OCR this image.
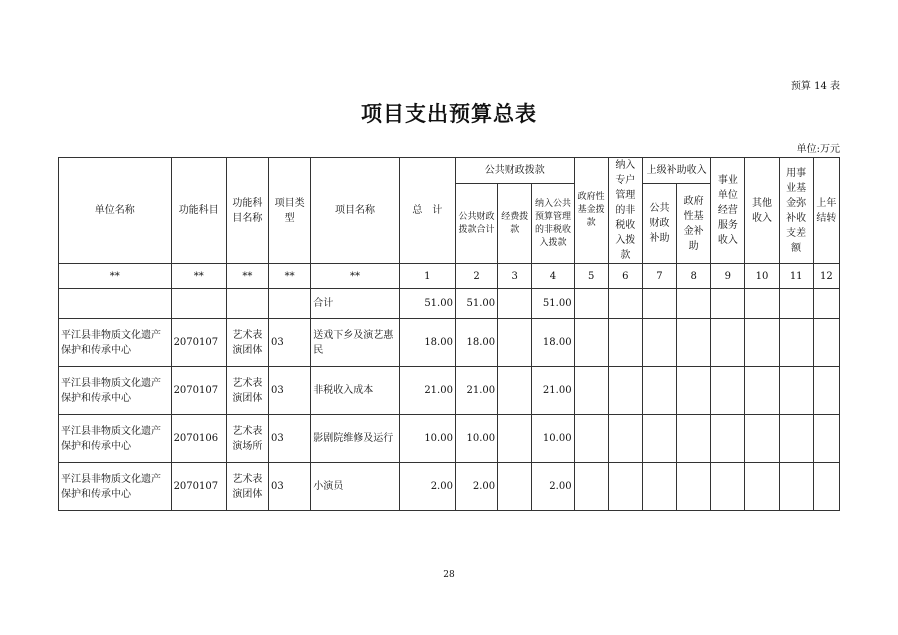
预算 14 表
项目支出预算总表
单位:万元
单位名称	功能科目	功能科目名称	项目类型	项目名称	总　计	公共财政拨款			政府性基金拨款	纳入专户管理的非税收入拨款	上级补助收入		事业单位经营服务收入	其他收入	用事业基金弥补收支差额	上年结转
						公共财政拨款合计	经费拨款	纳入公共预算管理的非税收入拨款			公共财政补助	政府性基金补助				

**	**	**	**	**	1	2	3	4	5	6	7	8	9	10	11	12
				合计	51.00	51.00		51.00								
平江县非物质文化遗产保护和传承中心	2070107	艺术表演团体	03	送戏下乡及演艺惠民	18.00	18.00		18.00								
平江县非物质文化遗产保护和传承中心	2070107	艺术表演团体	03	非税收入成本	21.00	21.00		21.00								
平江县非物质文化遗产保护和传承中心	2070106	艺术表演场所	03	影剧院维修及运行	10.00	10.00		10.00								
平江县非物质文化遗产保护和传承中心	2070107	艺术表演团体	03	小演员	2.00	2.00		2.00								
28
